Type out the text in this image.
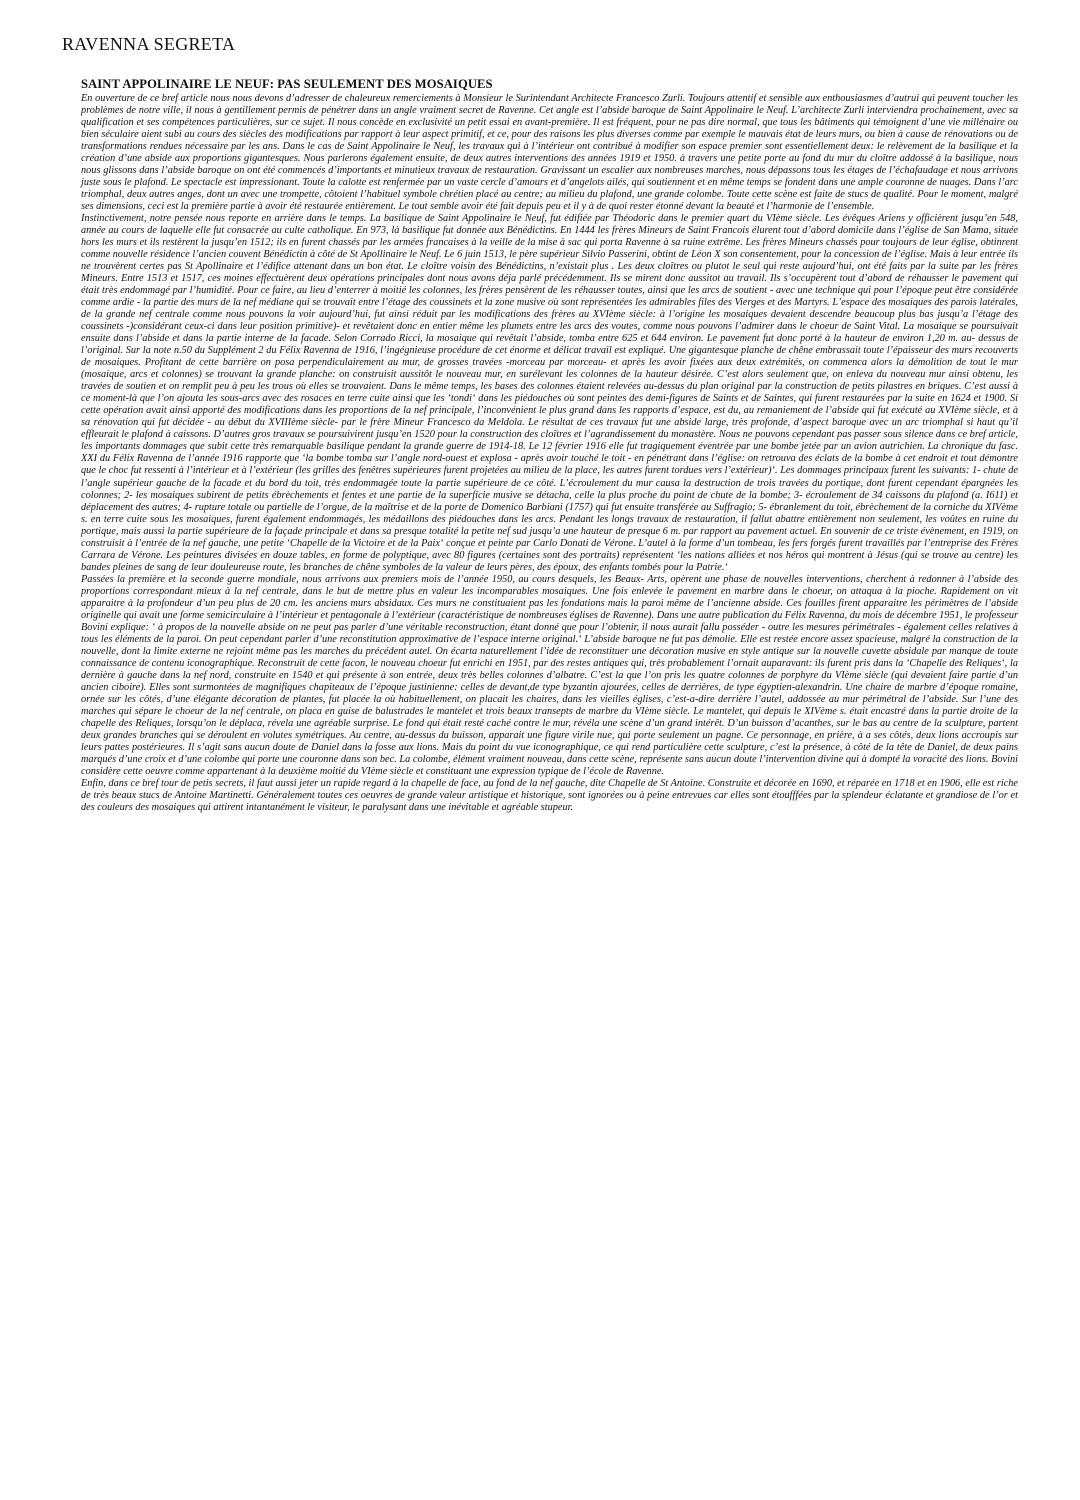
RAVENNA SEGRETA
SAINT APPOLINAIRE LE NEUF: PAS SEULEMENT DES MOSAIQUES

En ouverture de ce bref article nous nous devons d’adresser de chaleureux remerciements à Monsieur le Surintendant Architecte Francesco Zurli. Toujours attentif et sensible aux enthousiasmes d’autrui qui peuvent toucher les problèmes de notre ville, il nous à gentillement permis de pénétrer dans un angle vraiment secret de Ravenne. Cet angle est l’abside baroque de Saint Appolinaire le Neuf. L’architecte Zurli interviendra prochainement, avec sa qualification et ses compétences particulières, sur ce sujet. Il nous concède en exclusivité un petit essai en avant-première. Il est fréquent, pour ne pas dire normal, que tous les bâtiments qui témoignent d’une vie millénaire ou bien séculaire aient subi au cours des siècles des modifications par rapport à leur aspect primitif, et ce, pour des raisons les plus diverses comme par exemple le mauvais état de leurs murs, ou bien à cause de rénovations ou de transformations rendues nécessaire par les ans. Dans le cas de Saint Appolinaire le Neuf, les travaux qui à l’intérieur ont contribué à modifier son espace premier sont essentiellement deux: le relèvement de la basilique et la création d’une abside aux proportions gigantesques. Nous parlerons également ensuite, de deux autres interventions des années 1919 et 1950. à travers une petite porte au fond du mur du cloître addossé à la basilique, nous nous glissons dans l’abside baroque on ont été commencés d’importants et minutieux travaux de restauration. Gravissant un escalier aux nombreuses marches, nous dépassons tous les étages de l’échafaudage et nous arrivons juste sous le plafond. Le spectacle est impressionant. Toute la calotte est renfermée par un vaste cercle d’amours et d’angelots ailés, qui soutiennent et en même temps se fondent dans une ample couronne de nuages. Dans l’arc triomphal, deux autres anges, dont un avec une trompette, côtoient l’habituel symbole chrétien placé au centre; au milieu du plafond, une grande colombe. Toute cette scène est faite de stucs de qualité. Pour le moment, malgré ses dimensions, ceci est la première partie à avoir été restaurée entièrement. Le tout semble avoir été fait depuis peu et il y à de quoi rester étonné devant la beauté et l’harmonie de l’ensemble.

Instinctivement, notre pensée nous reporte en arrière dans le temps. La basilique de Saint Appolinaire le Neuf, fut édifiée par Théodoric dans le premier quart du VIème siècle. Les évêques Ariens y officièrent jusqu’en 548, année au cours de laquelle elle fut consacrée au culte catholique. En 973, là basilique fut donnée aux Bénédictins. En 1444 les frères Mineurs de Saint Francois élurent tout d’abord domicile dans l’église de San Mama, située hors les murs et ils restèrent la jusqu’en 1512; ils en furent chassés par les armées francaises à la veille de la mise à sac qui porta Ravenne à sa ruine extrême. Les frères Mineurs chassés pour toujours de leur église, obtinrent comme nouvelle résidence l’ancien couvent Bénédictin à côté de St Apollinaire le Neuf. Le 6 juin 1513, le père supérieur Silvio Passerini, obtint de Léon X son consentement, pour la concession de l’église. Mais à leur entrée ils ne trouvèrent certes pas St Apollinaire et l’édifice attenant dans un bon état. Le cloître voisin des Bénédictins, n’existait plus . Les deux cloîtres ou plutot le seul qui reste aujourd’hui, ont été faits par la suite par les frères Mineurs. Entre 1513 et 1517, ces moines effectuèrent deux opérations principales dont nous avons déja parlé précédemment. Ils se mirent donc aussitot au travail. Ils s’occupèrent tout d’abord de réhausser le pavement qui était très endommagé par l’humidité. Pour ce faire, au lieu d’enterrer à moitié les colonnes, les frères pensèrent de les réhausser toutes, ainsi que les arcs de soutient - avec une technique qui pour l’époque peut être considérée comme ardie - la partie des murs de la nef médiane qui se trouvait entre l’étage des coussinets et la zone musive où sont représentées les admirables files des Vierges et des Martyrs. L’espace des mosaiques des parois latérales, de la grande nef centrale comme nous pouvons la voir aujourd’hui, fut ainsi réduit par les modifications des frères au XVIème siècle: à l’origine les mosaiques devaient descendre beaucoup plus bas jusqu’a l’étage des coussinets -)considérant ceux-ci dans leur position primitive)- et revêtaient donc en entier même les plumets entre les arcs des voutes, comme nous pouvons l’admirer dans le choeur de Saint Vital. La mosaique se poursuivait ensuite dans l’abside et dans la partie interne de la facade. Selon Corrado Ricci, la mosaique qui revêtait l’abside, tomba entre 625 et 644 environ. Le pavement fut donc porté à la hauteur de environ 1,20 m. au- dessus de l’original. Sur la note n.50 du Supplément 2 du Félix Ravenna de 1916, l’ingégnieuse procédure de cet énorme et délicat travail est expliqué. Une gigantesque planche de chêne embrassait toute l’épaisseur des murs recouverts de mosaiques. Profitant de cette barrière on posa perpendiculairement au mur, de grosses travées -morceau par morceau- et après les avoir fixées aux deux extrémités, on commenca alors la démolition de tout le mur (mosaique, arcs et colonnes) se trouvant la grande planche: on construisit aussitôt le nouveau mur, en surélevant les colonnes de la hauteur désirée. C’est alors seulement que, on enleva du nouveau mur ainsi obtenu, les travées de soutien et on remplit peu à peu les trous où elles se trouvaient. Dans le même temps, les bases des colonnes étaient relevées au-dessus du plan original par la construction de petits pilastres en briques. C’est aussi à ce moment-là que l’on ajouta les sous-arcs avec des rosaces en terre cuite ainsi que les ‘tondi‘ dans les piédouches où sont peintes des demi-figures de Saints et de Saintes, qui furent restaurées par la suite en 1624 et 1900. Si cette opération avait ainsi apporté des modifications dans les proportions de la nef principale, l’inconvénient le plus grand dans les rapports d’espace, est du, au remaniement de l’abside qui fut exécuté au XVIème siècle, et à sa rénovation qui fut décidée - au début du XVIIIème siècle- par le frère Mineur Francesco da Meldola. Le résultat de ces travaux fut une abside large, très profonde, d’aspect baroque avec un arc triomphal si haut qu’il effleurait le plafond à caissons. D’autres gros travaux se poursuivirent jusqu’en 1520 pour la construction des cloîtres et l’agrandissement du monastère. Nous ne pouvons cependant pas passer sous silence dans ce bref article, les importants dommages que subit cette très remarquable basilique pendant la grande guerre de 1914-18. Le 12 février 1916 elle fut tragiquement éventrée par une bombe jetée par un avion autrichien. La chronique du fasc. XXI du Félix Ravenna de l’année 1916 rapporte que ‘la bombe tomba sur l’angle nord-ouest et explosa - après avoir touché le toit - en pénétrant dans l’église: on retrouva des éclats de la bombe à cet endroit et tout démontre que le choc fut ressenti à l’intérieur et à l’extérieur (les grilles des fenêtres supérieures furent projetées au milieu de la place, les autres furent tordues vers l’extérieur)‘. Les dommages principaux furent les suivants: 1- chute de l’angle supérieur gauche de la facade et du bord du toit, très endommagée toute la partie supérieure de ce côté. L’écroulement du mur causa la destruction de trois travées du portique, dont furent cependant épargnées les colonnes; 2- les mosaiques subirent de petits ébrèchements et fentes et une partie de la superficie musive se détacha, celle la plus proche du point de chute de la bombe; 3- écroulement de 34 caissons du plafond (a. I611) et déplacement des autres; 4- rupture totale ou partielle de l’orgue, de la maîtrise et de la porte de Domenico Barbiani (1757) qui fut ensuite transférée au Suffragio; 5- ébranlement du toit, ébrèchement de la corniche du XIVème s. en terre cuite sous les mosaiques, furent également endommagés, les médaillons des piédouches dans les arcs. Pendant les longs travaux de restauration, il fallut abattre entièrement non seulement, les voûtes en ruine du portique, mais aussi la partie supérieure de la façade principale et dans sa presque totalité la petite nef sud jusqu’a une hauteur de presque 6 m. par rapport au pavement actuel. En souvenir de ce triste évènement, en 1919, on construisit à l’entrée de la nef gauche, une petite ‘Chapelle de la Victoire et de la Paix‘ conçue et peinte par Carlo Donati de Vérone. L’autel à la forme d’un tombeau, les fers forgés furent travaillés par l’entreprise des Frères Carrara de Vérone. Les peintures divisées en douze tables, en forme de polyptique, avec 80 figures (certaines sont des portraits) représentent ‘les nations alliées et nos héros qui montrent à Jésus (qui se trouve au centre) les bandes pleines de sang de leur douleureuse route, les branches de chêne symboles de la valeur de leurs pères, des époux, des enfants tombés pour la Patrie.‘

Passées la première et la seconde guerre mondiale, nous arrivons aux premiers mois de l’année 1950, au cours desquels, les Beaux- Arts, opèrent une phase de nouvelles interventions, cherchent à redonner à l’abside des proportions correspondant mieux à la nef centrale, dans le but de mettre plus en valeur les incomparables mosaiques. Une fois enlevée le pavement en marbre dans le choeur, on attaqua à la pioche. Rapidement on vit apparaitre à la profondeur d’un peu plus de 20 cm. les anciens murs absidaux. Ces murs ne constituaient pas les fondations mais la paroi même de l’ancienne abside. Ces fouilles firent apparaitre les périmètres de l’abside originelle qui avait une forme semicirculaire à l’intérieur et pentagonale à l’extérieur (caractéristique de nombreuses églises de Ravenne). Dans une autre publication du Félix Ravenna, du mois de décembre 1951, le professeur Bovini explique: ‘ à propos de la nouvelle abside on ne peut pas parler d’une véritable reconstruction, étant donné que pour l’obtenir, il nous aurait fallu posséder - outre les mesures périmétrales - également celles relatives à tous les éléments de la paroi. On peut cependant parler d’une reconstitution approximative de l’espace interne original.‘ L’abside baroque ne fut pas démolie. Elle est restée encore assez spacieuse, malgré la construction de la nouvelle, dont la limite externe ne rejoint même pas les marches du précédent autel. On écarta naturellement l’idée de reconstituer une décoration musive en style antique sur la nouvelle cuvette absidale par manque de toute connaissance de contenu iconographique. Reconstruit de cette facon, le nouveau choeur fut enrichi en 1951, par des restes antiques qui, très probablement l’ornait auparavant: ils furent pris dans la ‘Chapelle des Reliques‘, la dernière à gauche dans la nef nord, construite en 1540 et qui présente à son entrée, deux très belles colonnes d’albatre. C’est la que l’on pris les quatre colonnes de porphyre du VIème siècle (qui devaient faire partie d’un ancien ciboire). Elles sont surmontées de magnifiques chapiteaux de l’époque justinienne: celles de devant,de type byzantin ajourées, celles de derrières, de type égyptien-alexandrin. Une chaire de marbre d’époque romaine, ornée sur les côtés, d’une élégante décoration de plantes, fut placée la où habituellement, on placait les chaires, dans les vieilles églises, c’est-a-dire derrière l’autel, addossée au mur périmétral de l’abside. Sur l’une des marches qui sépare le choeur de la nef centrale, on placa en guise de balustrades le mantelet et trois beaux transepts de marbre du VIème siècle. Le mantelet, qui depuis le XIVème s. était encastré dans la partie droite de la chapelle des Reliques, lorsqu’on le déplaca, révela une agréable surprise. Le fond qui était resté caché contre le mur, révéla une scène d’un grand intérêt. D’un buisson d’acanthes, sur le bas au centre de la sculpture, partent deux grandes branches qui se déroulent en volutes symétriques. Au centre, au-dessus du buisson, apparait une figure virile nue, qui porte seulement un pagne. Ce personnage, en prière, à a ses côtés, deux lions accroupis sur leurs pattes postérieures. Il s’agit sans aucun doute de Daniel dans la fosse aux lions. Mais du point du vue iconographique, ce qui rend particulière cette sculpture, c’est la présence, à côté de la tête de Daniel, de deux pains marqués d’une croix et d’une colombe qui porte une couronne dans son bec. La colombe, élément vraiment nouveau, dans cette scène, représente sans aucun doute l’intervention divine qui à dompté la voracité des lions. Bovini considère cette oeuvre comme appartenant à la deuxième moitié du VIème siècle et constituant une expression typique de l’école de Ravenne.

Enfin, dans ce bref tour de petis secrets, il faut aussi jeter un rapide regard à la chapelle de face, au fond de la nef gauche, dite Chapelle de St Antoine. Construite et décorée en 1690, et réparée en 1718 et en 1906, elle est riche de très beaux stucs de Antoine Martinetti. Généralement toutes ces oeuvres de grande valeur artistique et historique, sont ignorées ou à peine entrevues car elles sont étoufffées par la splendeur éclatante et grandiose de l’or et des couleurs des mosaiques qui attirent intantanément le visiteur, le paralysant dans une inévitable et agréable stupeur.
